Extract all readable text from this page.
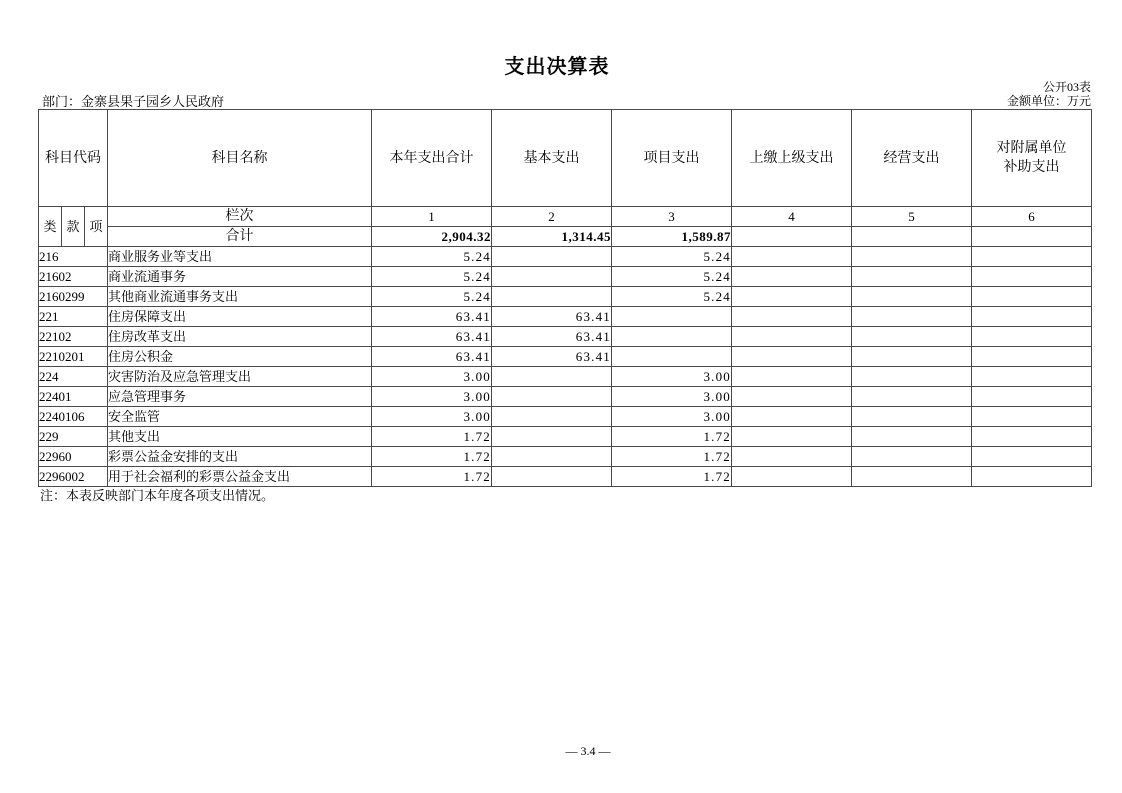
支出决算表
公开03表
部门：金寨县果子园乡人民政府	金额单位：万元
科目代码			科目名称	本年支出合计	基本支出	项目支出	上缴上级支出	经营支出	对附属单位
补助支出
类	款	项	栏次	1	2	3	4	5	6
			合计	2,904.32	1,314.45	1,589.87			
216			商业服务业等支出	5.24		5.24			
21602			商业流通事务	5.24		5.24			
2160299			其他商业流通事务支出	5.24		5.24			
221			住房保障支出	63.41	63.41				
22102			住房改革支出	63.41	63.41				
2210201			住房公积金	63.41	63.41				
224			灾害防治及应急管理支出	3.00		3.00			
22401			应急管理事务	3.00		3.00			
2240106			安全监管	3.00		3.00			
229			其他支出	1.72		1.72			
22960			彩票公益金安排的支出	1.72		1.72			
2296002			用于社会福利的彩票公益金支出	1.72		1.72			
注：本表反映部门本年度各项支出情况。
— 3.4 —
